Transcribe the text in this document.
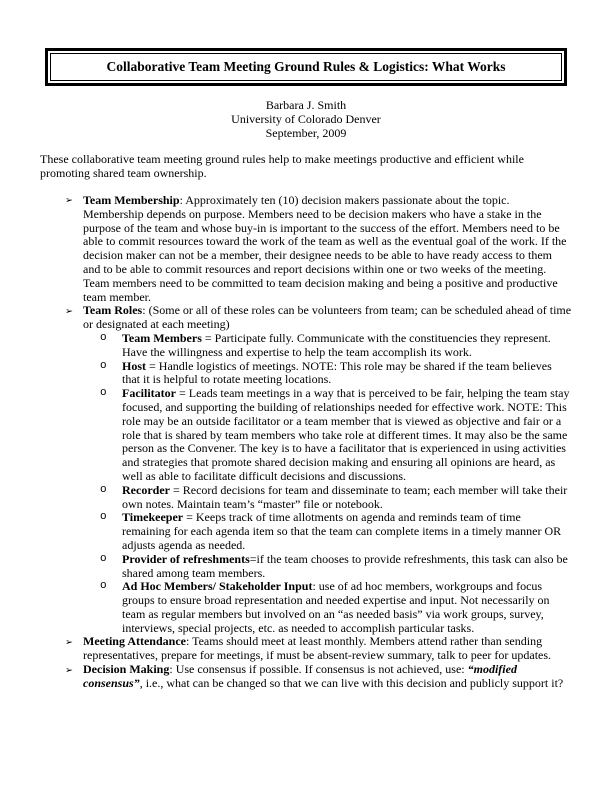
Collaborative Team Meeting Ground Rules & Logistics: What Works
Barbara J. Smith
University of Colorado Denver
September, 2009

These collaborative team meeting ground rules help to make meetings productive and efficient while promoting shared team ownership.

➢ Team Membership: Approximately ten (10) decision makers passionate about the topic. Membership depends on purpose. Members need to be decision makers who have a stake in the purpose of the team and whose buy-in is important to the success of the effort. Members need to be able to commit resources toward the work of the team as well as the eventual goal of the work. If the decision maker can not be a member, their designee needs to be able to have ready access to them and to be able to commit resources and report decisions within one or two weeks of the meeting. Team members need to be committed to team decision making and being a positive and productive team member.
➢ Team Roles: (Some or all of these roles can be volunteers from team; can be scheduled ahead of time or designated at each meeting)
o Team Members = Participate fully. Communicate with the constituencies they represent. Have the willingness and expertise to help the team accomplish its work.
o Host = Handle logistics of meetings. NOTE: This role may be shared if the team believes that it is helpful to rotate meeting locations.
o Facilitator = Leads team meetings in a way that is perceived to be fair, helping the team stay focused, and supporting the building of relationships needed for effective work. NOTE: This role may be an outside facilitator or a team member that is viewed as objective and fair or a role that is shared by team members who take role at different times. It may also be the same person as the Convener. The key is to have a facilitator that is experienced in using activities and strategies that promote shared decision making and ensuring all opinions are heard, as well as able to facilitate difficult decisions and discussions.
o Recorder = Record decisions for team and disseminate to team; each member will take their own notes. Maintain team’s “master” file or notebook.
o Timekeeper = Keeps track of time allotments on agenda and reminds team of time remaining for each agenda item so that the team can complete items in a timely manner OR adjusts agenda as needed.
o Provider of refreshments=if the team chooses to provide refreshments, this task can also be shared among team members.
o Ad Hoc Members/ Stakeholder Input: use of ad hoc members, workgroups and focus groups to ensure broad representation and needed expertise and input. Not necessarily on team as regular members but involved on an “as needed basis” via work groups, survey, interviews, special projects, etc. as needed to accomplish particular tasks.
➢ Meeting Attendance: Teams should meet at least monthly. Members attend rather than sending representatives, prepare for meetings, if must be absent-review summary, talk to peer for updates.
➢ Decision Making: Use consensus if possible. If consensus is not achieved, use: “modified consensus”, i.e., what can be changed so that we can live with this decision and publicly support it?
